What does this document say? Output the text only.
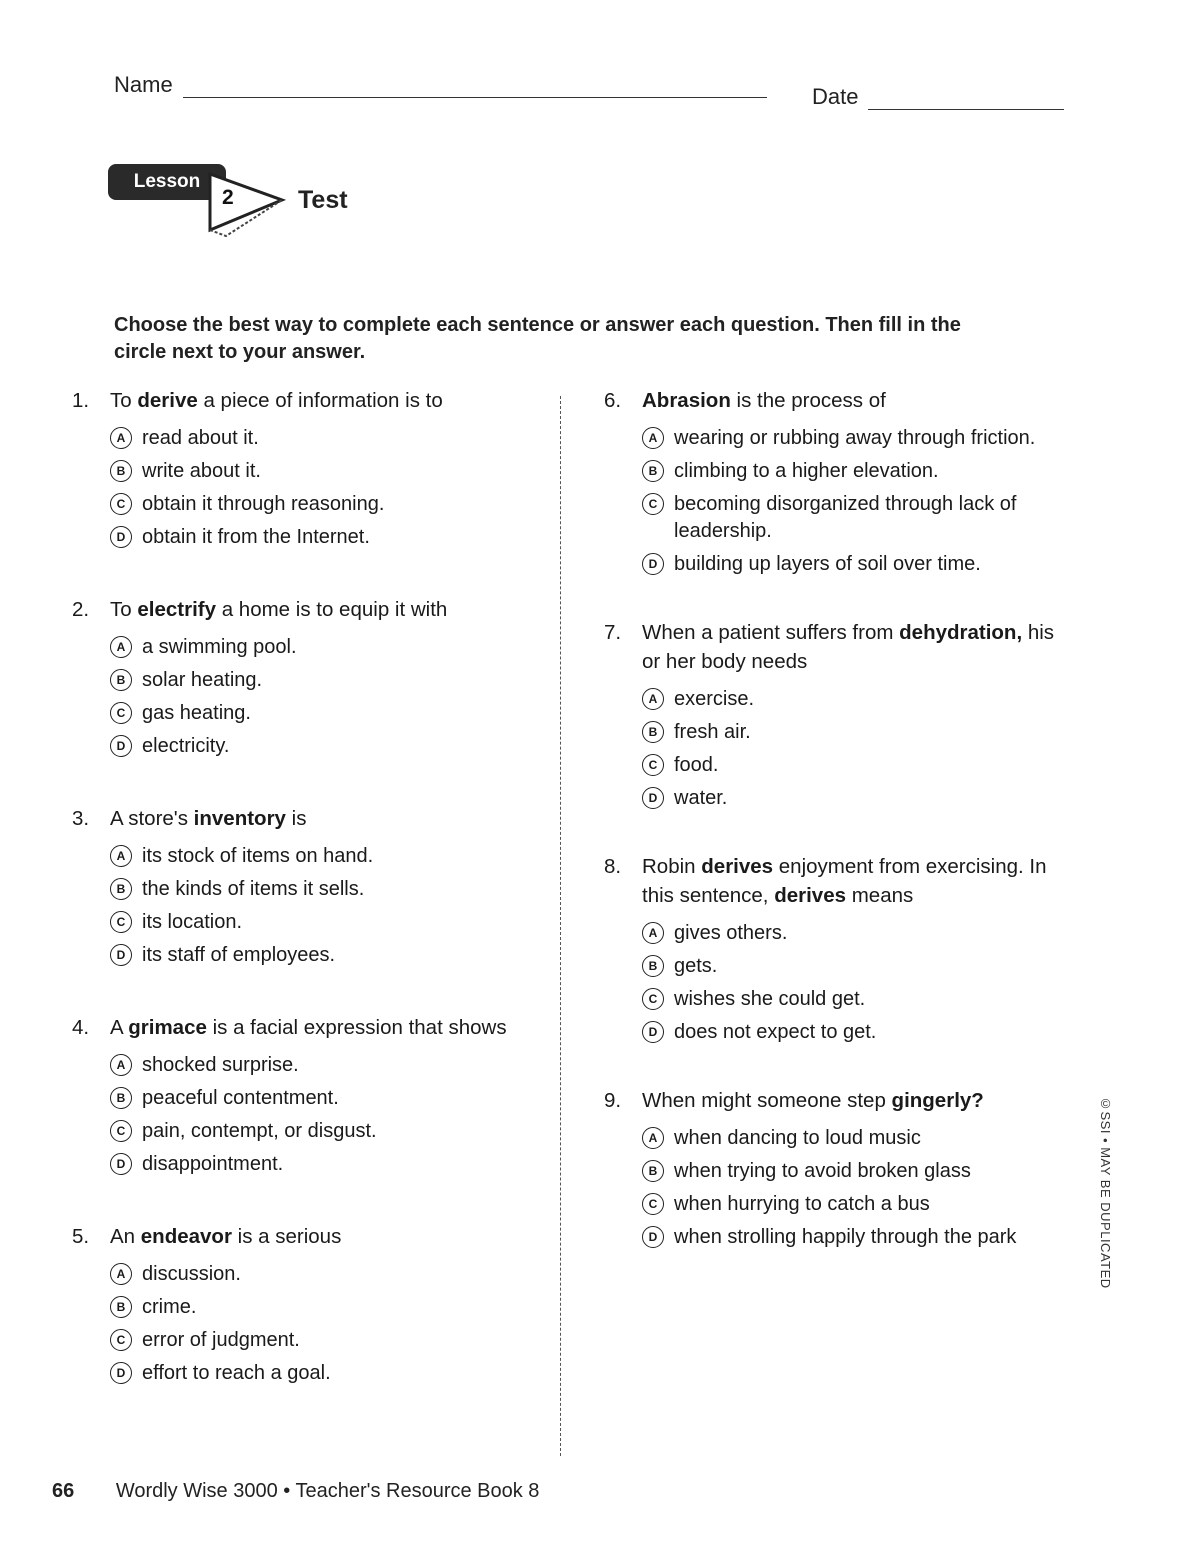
Name	Date
Lesson
2	Test
Choose the best way to complete each sentence or answer each question. Then fill in the circle next to your answer.
1. To derive a piece of information is to
A read about it.
B write about it.
C obtain it through reasoning.
D obtain it from the Internet.
2. To electrify a home is to equip it with
A a swimming pool.
B solar heating.
C gas heating.
D electricity.
3. A store's inventory is
A its stock of items on hand.
B the kinds of items it sells.
C its location.
D its staff of employees.
4. A grimace is a facial expression that shows
A shocked surprise.
B peaceful contentment.
C pain, contempt, or disgust.
D disappointment.
5. An endeavor is a serious
A discussion.
B crime.
C error of judgment.
D effort to reach a goal.
6. Abrasion is the process of
A wearing or rubbing away through friction.
B climbing to a higher elevation.
C becoming disorganized through lack of leadership.
D building up layers of soil over time.
7. When a patient suffers from dehydration, his or her body needs
A exercise.
B fresh air.
C food.
D water.
8. Robin derives enjoyment from exercising. In this sentence, derives means
A gives others.
B gets.
C wishes she could get.
D does not expect to get.
9. When might someone step gingerly?
A when dancing to loud music
B when trying to avoid broken glass
C when hurrying to catch a bus
D when strolling happily through the park	©SSI • MAY BE DUPLICATED
66 Wordly Wise 3000 • Teacher's Resource Book 8
